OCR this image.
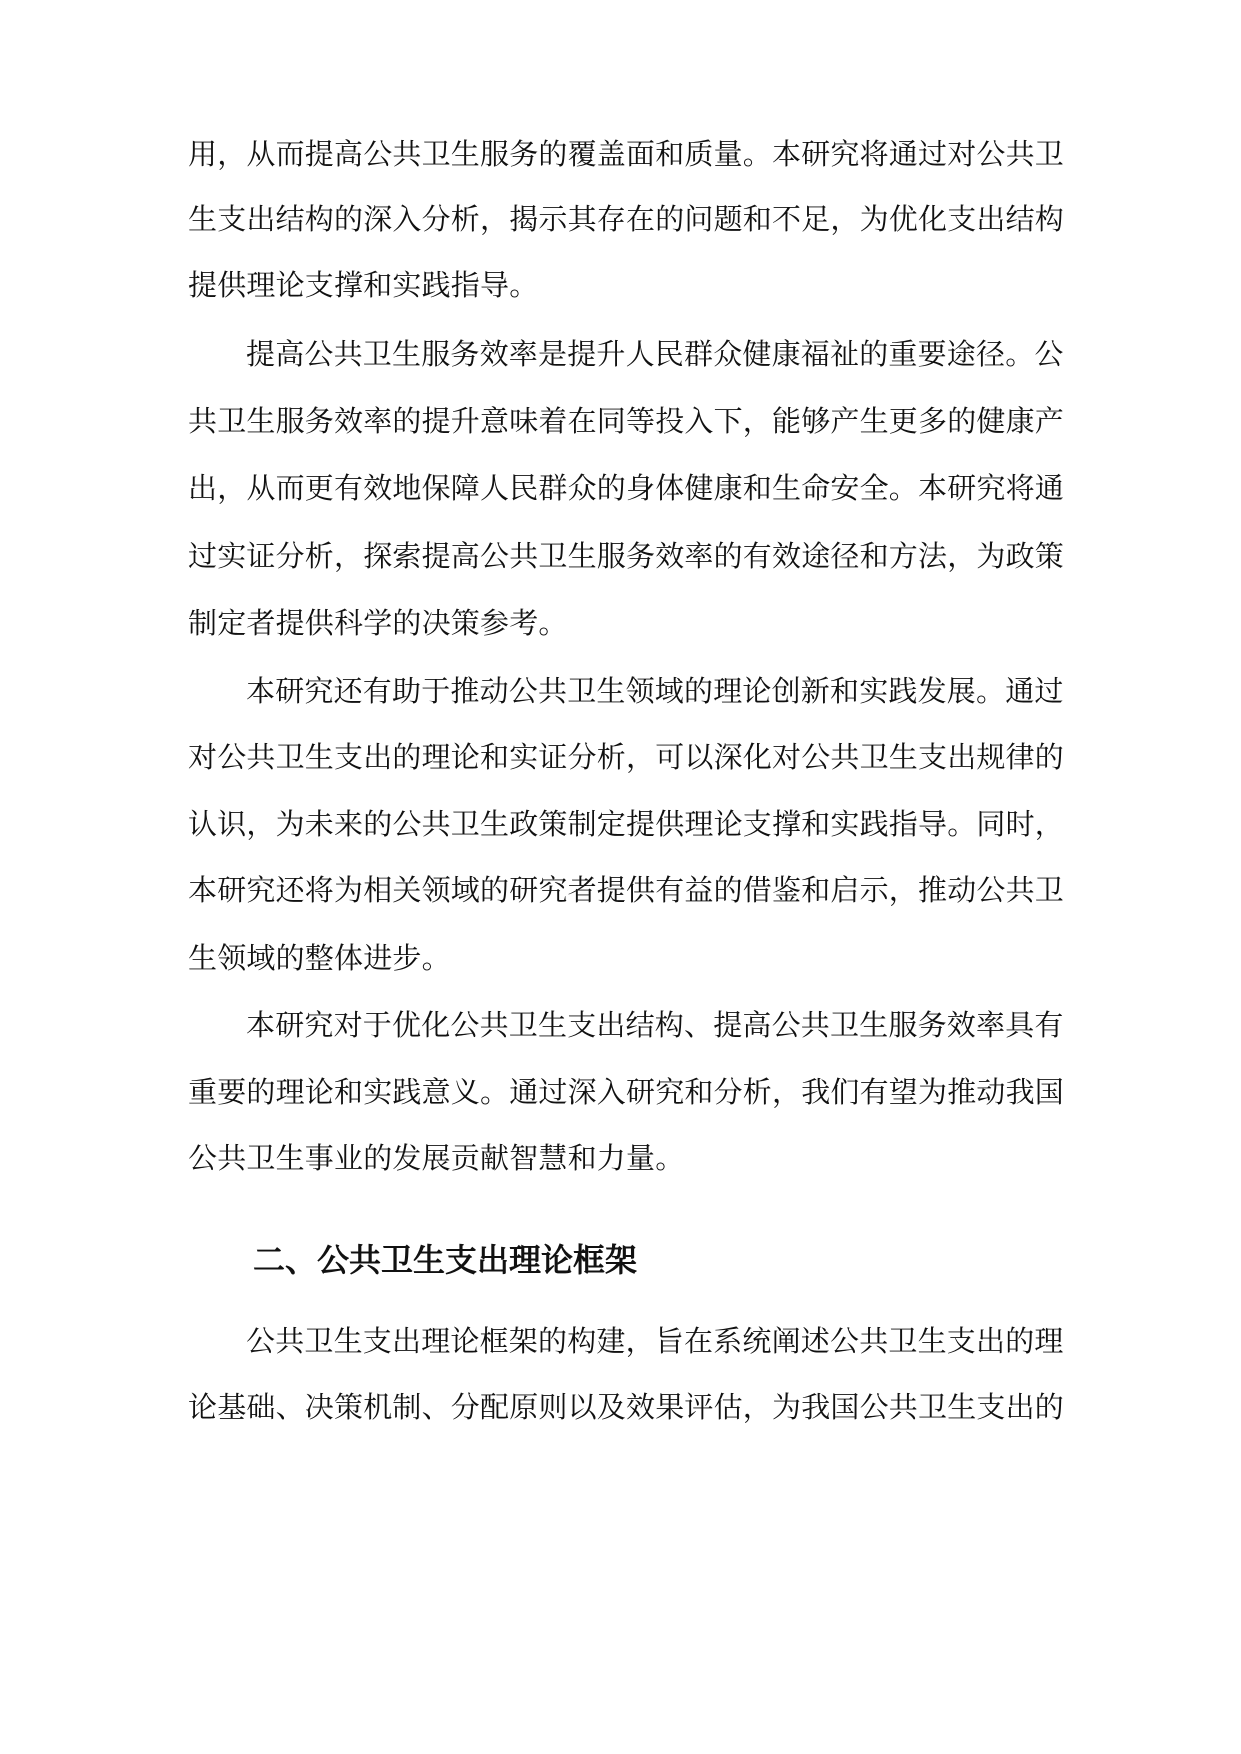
用，从而提高公共卫生服务的覆盖面和质量。本研究将通过对公共卫
生支出结构的深入分析，揭示其存在的问题和不足，为优化支出结构
提供理论支撑和实践指导。
提高公共卫生服务效率是提升人民群众健康福祉的重要途径。公
共卫生服务效率的提升意味着在同等投入下，能够产生更多的健康产
出，从而更有效地保障人民群众的身体健康和生命安全。本研究将通
过实证分析，探索提高公共卫生服务效率的有效途径和方法，为政策
制定者提供科学的决策参考。
本研究还有助于推动公共卫生领域的理论创新和实践发展。通过
对公共卫生支出的理论和实证分析，可以深化对公共卫生支出规律的
认识，为未来的公共卫生政策制定提供理论支撑和实践指导。同时，
本研究还将为相关领域的研究者提供有益的借鉴和启示，推动公共卫
生领域的整体进步。
本研究对于优化公共卫生支出结构、提高公共卫生服务效率具有
重要的理论和实践意义。通过深入研究和分析，我们有望为推动我国
公共卫生事业的发展贡献智慧和力量。
二、公共卫生支出理论框架
公共卫生支出理论框架的构建，旨在系统阐述公共卫生支出的理
论基础、决策机制、分配原则以及效果评估，为我国公共卫生支出的
